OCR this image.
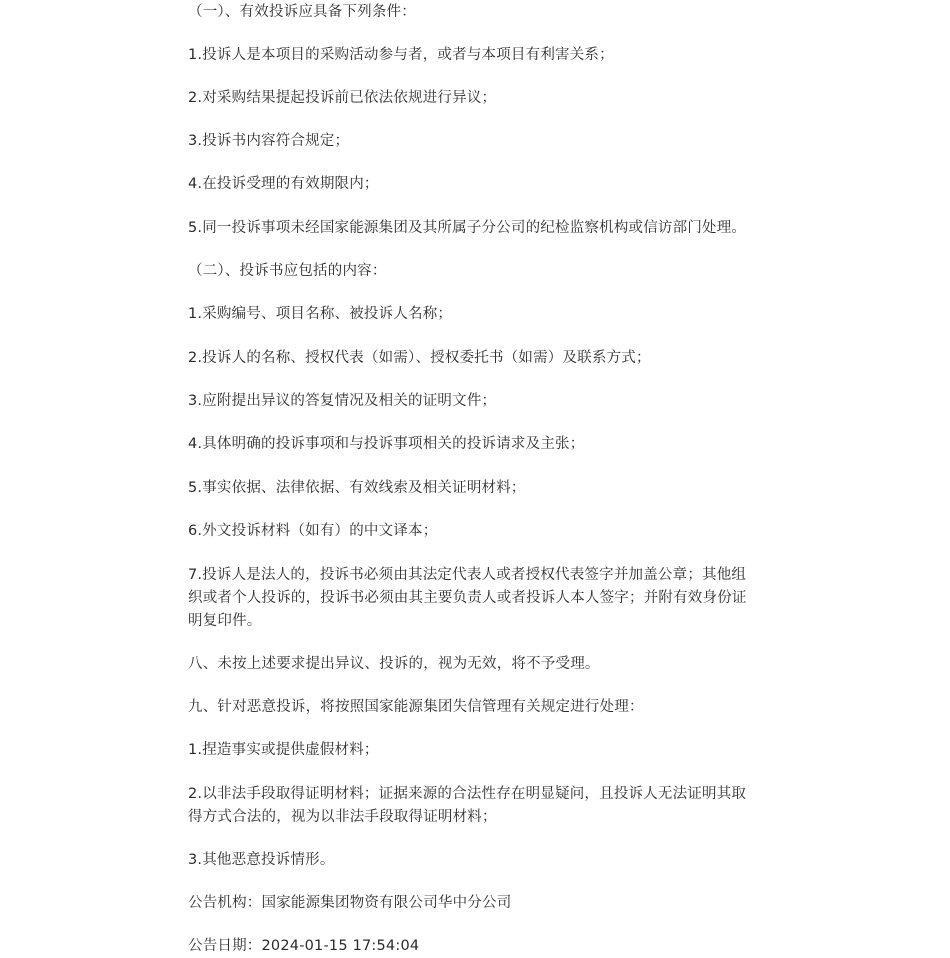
（一）、有效投诉应具备下列条件：

1.投诉人是本项目的采购活动参与者，或者与本项目有利害关系；

2.对采购结果提起投诉前已依法依规进行异议；

3.投诉书内容符合规定；

4.在投诉受理的有效期限内；

5.同一投诉事项未经国家能源集团及其所属子分公司的纪检监察机构或信访部门处理。

（二）、投诉书应包括的内容：

1.采购编号、项目名称、被投诉人名称；

2.投诉人的名称、授权代表（如需）、授权委托书（如需）及联系方式；

3.应附提出异议的答复情况及相关的证明文件；

4.具体明确的投诉事项和与投诉事项相关的投诉请求及主张；

5.事实依据、法律依据、有效线索及相关证明材料；

6.外文投诉材料（如有）的中文译本；

7.投诉人是法人的，投诉书必须由其法定代表人或者授权代表签字并加盖公章；其他组织或者个人投诉的，投诉书必须由其主要负责人或者投诉人本人签字；并附有效身份证明复印件。

八、未按上述要求提出异议、投诉的，视为无效，将不予受理。

九、针对恶意投诉，将按照国家能源集团失信管理有关规定进行处理：

1.捏造事实或提供虚假材料；

2.以非法手段取得证明材料；证据来源的合法性存在明显疑问，且投诉人无法证明其取得方式合法的，视为以非法手段取得证明材料；

3.其他恶意投诉情形。

公告机构：国家能源集团物资有限公司华中分公司

公告日期：2024-01-15 17:54:04
